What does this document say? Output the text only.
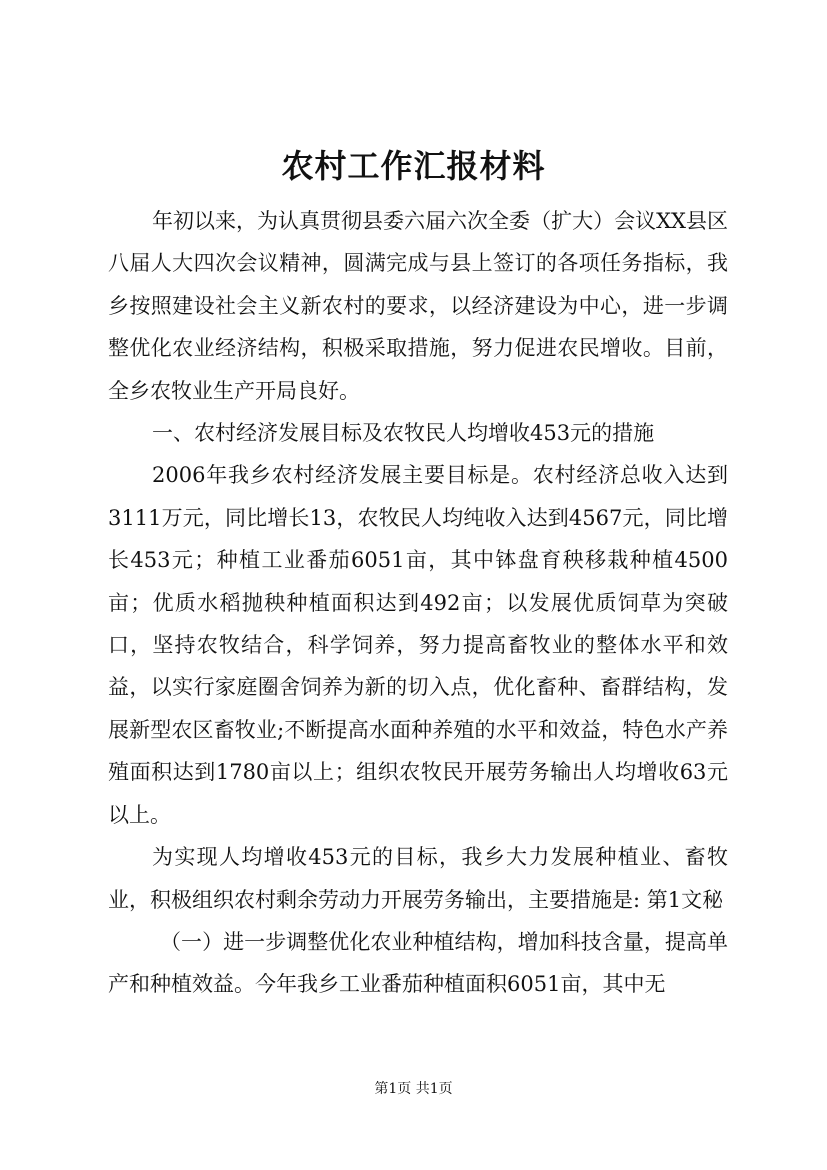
农村工作汇报材料

年初以来，为认真贯彻县委六届六次全委（扩大）会议XX县区八届人大四次会议精神，圆满完成与县上签订的各项任务指标，我乡按照建设社会主义新农村的要求，以经济建设为中心，进一步调整优化农业经济结构，积极采取措施，努力促进农民增收。目前，全乡农牧业生产开局良好。

一、农村经济发展目标及农牧民人均增收453元的措施

2006年我乡农村经济发展主要目标是。农村经济总收入达到3111万元，同比增长13，农牧民人均纯收入达到4567元，同比增长453元；种植工业番茄6051亩，其中钵盘育秧移栽种植4500亩；优质水稻抛秧种植面积达到492亩；以发展优质饲草为突破口，坚持农牧结合，科学饲养，努力提高畜牧业的整体水平和效益，以实行家庭圈舍饲养为新的切入点，优化畜种、畜群结构，发展新型农区畜牧业;不断提高水面种养殖的水平和效益，特色水产养殖面积达到1780亩以上；组织农牧民开展劳务输出人均增收63元以上。

为实现人均增收453元的目标，我乡大力发展种植业、畜牧业，积极组织农村剩余劳动力开展劳务输出，主要措施是: 第1文秘

（一）进一步调整优化农业种植结构，增加科技含量，提高单产和种植效益。今年我乡工业番茄种植面积6051亩，其中无

第1页 共1页
